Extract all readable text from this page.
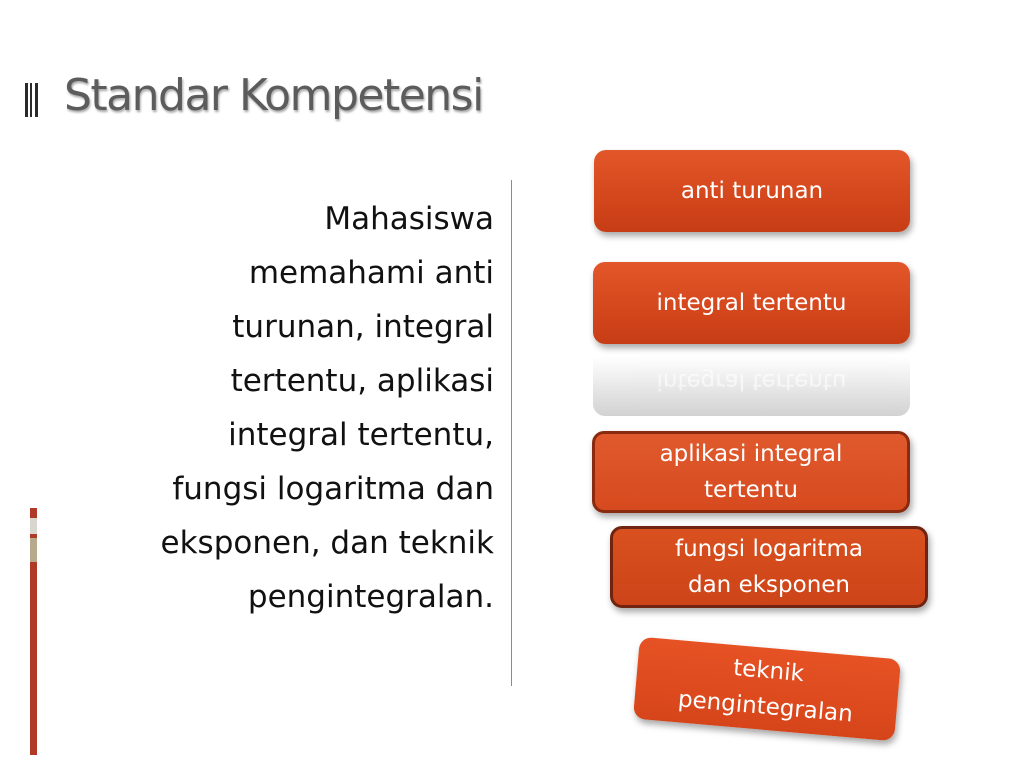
Standar Kompetensi
Mahasiswa
memahami anti
turunan, integral
tertentu, aplikasi
integral tertentu,
fungsi logaritma dan
eksponen, dan teknik
pengintegralan.
anti turunan
integral tertentu
integral tertentu
aplikasi integral
tertentu
fungsi logaritma
dan eksponen
teknik
pengintegralan
